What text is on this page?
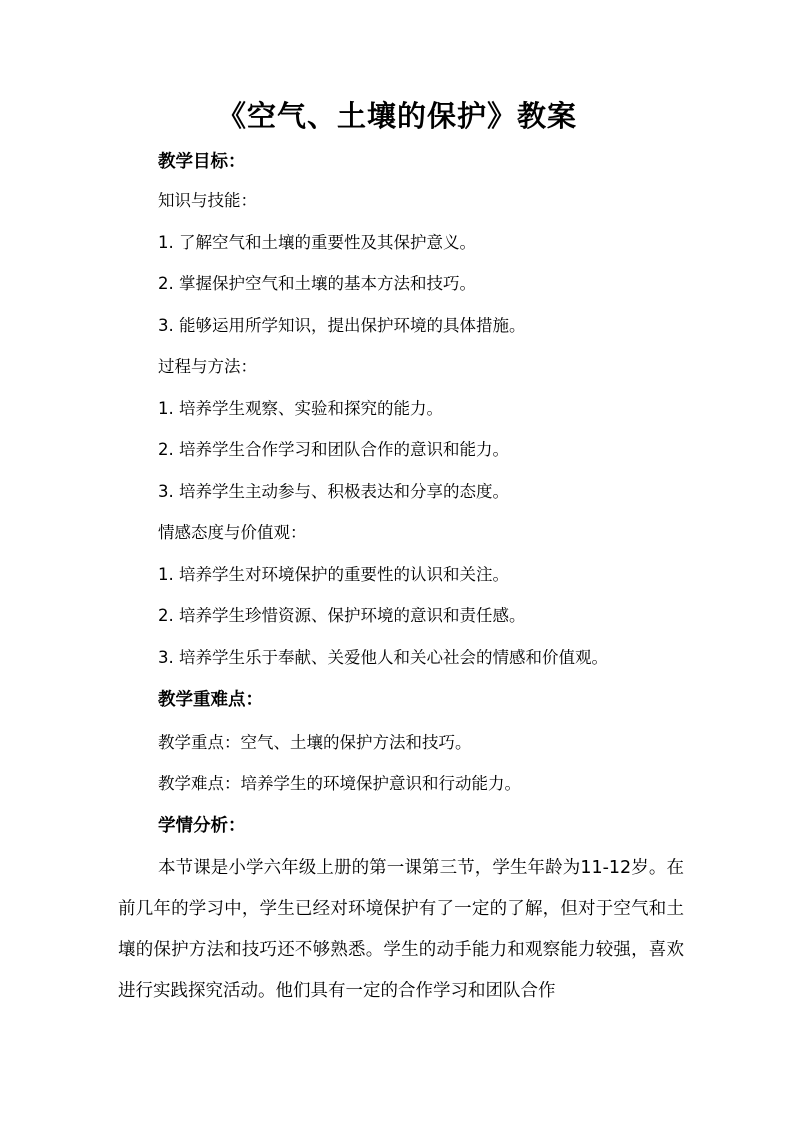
《空气、土壤的保护》教案
教学目标：
知识与技能：
1. 了解空气和土壤的重要性及其保护意义。
2. 掌握保护空气和土壤的基本方法和技巧。
3. 能够运用所学知识，提出保护环境的具体措施。
过程与方法：
1. 培养学生观察、实验和探究的能力。
2. 培养学生合作学习和团队合作的意识和能力。
3. 培养学生主动参与、积极表达和分享的态度。
情感态度与价值观：
1. 培养学生对环境保护的重要性的认识和关注。
2. 培养学生珍惜资源、保护环境的意识和责任感。
3. 培养学生乐于奉献、关爱他人和关心社会的情感和价值观。
教学重难点：
教学重点：空气、土壤的保护方法和技巧。
教学难点：培养学生的环境保护意识和行动能力。
学情分析：
本节课是小学六年级上册的第一课第三节，学生年龄为11-12岁。在前几年的学习中，学生已经对环境保护有了一定的了解，但对于空气和土壤的保护方法和技巧还不够熟悉。学生的动手能力和观察能力较强，喜欢进行实践探究活动。他们具有一定的合作学习和团队合作
